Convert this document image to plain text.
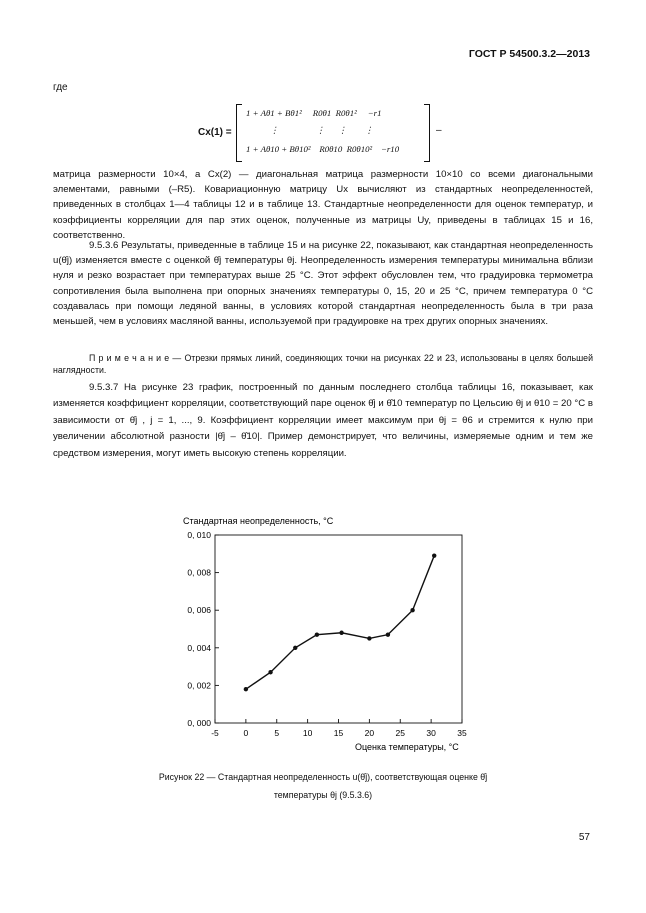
ГОСТ Р 54500.3.2—2013
где
Cx(1) =
1 + Aθ1 + Bθ1²     R0θ1  R0θ1²     −r1
⋮                 ⋮      ⋮        ⋮
1 + Aθ10 + Bθ10²    R0θ10  R0θ10²    −r10
–
матрица размерности 10×4, а Cx(2) — диагональная матрица размерности 10×10 со всеми диагональными элементами, равными (–R5). Ковариационную матрицу Ux вычисляют из стандартных неопределенностей, приведенных в столбцах 1—4 таблицы 12 и в таблице 13. Стандартные неопределенности для оценок температур, и коэффициенты корреляции для пар этих оценок, полученные из матрицы Uy, приведены в таблицах 15 и 16, соответственно.
9.5.3.6 Результаты, приведенные в таблице 15 и на рисунке 22, показывают, как стандартная неопределенность u(θ̂j) изменяется вместе с оценкой θ̂j температуры θj. Неопределенность измерения температуры минимальна вблизи нуля и резко возрастает при температурах выше 25 °C. Этот эффект обусловлен тем, что градуировка термометра сопротивления была выполнена при опорных значениях температуры 0, 15, 20 и 25 °C, причем температура 0 °C создавалась при помощи ледяной ванны, в условиях которой стандартная неопределенность была в три раза меньшей, чем в условиях масляной ванны, используемой при градуировке на трех других опорных значениях.
П р и м е ч а н и е — Отрезки прямых линий, соединяющих точки на рисунках 22 и 23, использованы в целях большей наглядности.
9.5.3.7 На рисунке 23 график, построенный по данным последнего столбца таблицы 16, показывает, как изменяется коэффициент корреляции, соответствующий паре оценок θ̂j и θ̂10 температур по Цельсию θj и θ10 = 20 °C в зависимости от θ̂j , j = 1, ..., 9. Коэффициент корреляции имеет максимум при θj = θ6 и стремится к нулю при увеличении абсолютной разности |θ̂j – θ̂10|. Пример демонстрирует, что величины, измеряемые одним и тем же средством измерения, могут иметь высокую степень корреляции.
Стандартная неопределенность, °C
0, 000
0, 002
0, 004
0, 006
0, 008
0, 010
-5	0	5	10	15	20	25	30	35
Оценка температуры, °C
Рисунок 22 — Стандартная неопределенность u(θ̂j), соответствующая оценке θ̂j
температуры θj (9.5.3.6)
57
